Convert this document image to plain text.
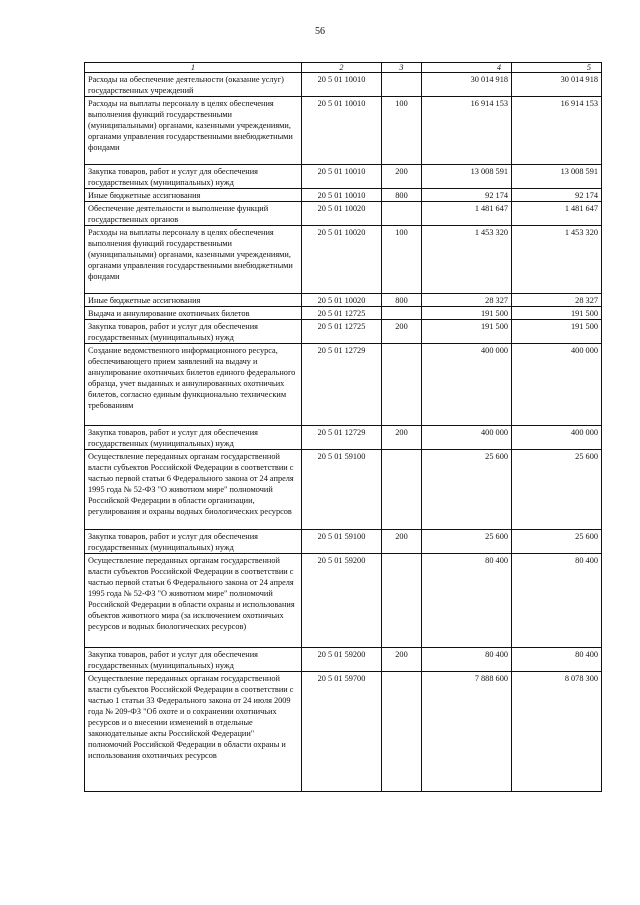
56
1	2	3	4	5
Расходы на обеспечение деятельности (оказание услуг) государственных учреждений	20 5 01 10010		30 014 918	30 014 918
Расходы на выплаты персоналу в целях обеспечения выполнения функций государственными (муниципальными) органами, казенными учреждениями, органами управления государственными внебюджетными фондами	20 5 01 10010	100	16 914 153	16 914 153
Закупка товаров, работ и услуг для обеспечения государственных (муниципальных) нужд	20 5 01 10010	200	13 008 591	13 008 591
Иные бюджетные ассигнования	20 5 01 10010	800	92 174	92 174
Обеспечение деятельности и выполнение функций государственных органов	20 5 01 10020		1 481 647	1 481 647
Расходы на выплаты персоналу в целях обеспечения выполнения функций государственными (муниципальными) органами, казенными учреждениями, органами управления государственными внебюджетными фондами	20 5 01 10020	100	1 453 320	1 453 320
Иные бюджетные ассигнования	20 5 01 10020	800	28 327	28 327
Выдача и аннулирование охотничьих билетов	20 5 01 12725		191 500	191 500
Закупка товаров, работ и услуг для обеспечения государственных (муниципальных) нужд	20 5 01 12725	200	191 500	191 500
Создание ведомственного информационного ресурса, обеспечивающего прием заявлений на выдачу и аннулирование охотничьих билетов единого федерального образца, учет выданных и аннулированных охотничьих билетов, согласно единым функционально техническим требованиям	20 5 01 12729		400 000	400 000
Закупка товаров, работ и услуг для обеспечения государственных (муниципальных) нужд	20 5 01 12729	200	400 000	400 000
Осуществление переданных органам государственной власти субъектов Российской Федерации в соответствии с частью первой статьи 6 Федерального закона от 24 апреля 1995 года № 52-ФЗ "О животном мире" полномочий Российской Федерации в области организации, регулирования и охраны водных биологических ресурсов	20 5 01 59100		25 600	25 600
Закупка товаров, работ и услуг для обеспечения государственных (муниципальных) нужд	20 5 01 59100	200	25 600	25 600
Осуществление переданных органам государственной власти субъектов Российской Федерации в соответствии с частью первой статьи 6 Федерального закона от 24 апреля 1995 года № 52-ФЗ "О животном мире" полномочий Российской Федерации в области охраны и использования объектов животного мира (за исключением охотничьих ресурсов и водных биологических ресурсов)	20 5 01 59200		80 400	80 400
Закупка товаров, работ и услуг для обеспечения государственных (муниципальных) нужд	20 5 01 59200	200	80 400	80 400
Осуществление переданных органам государственной власти субъектов Российской Федерации в соответствии с частью 1 статьи 33 Федерального закона от 24 июля 2009 года № 209-ФЗ "Об охоте и о сохранении охотничьих ресурсов и о внесении изменений в отдельные законодательные акты Российской Федерации" полномочий Российской Федерации в области охраны и использования охотничьих ресурсов	20 5 01 59700		7 888 600	8 078 300
